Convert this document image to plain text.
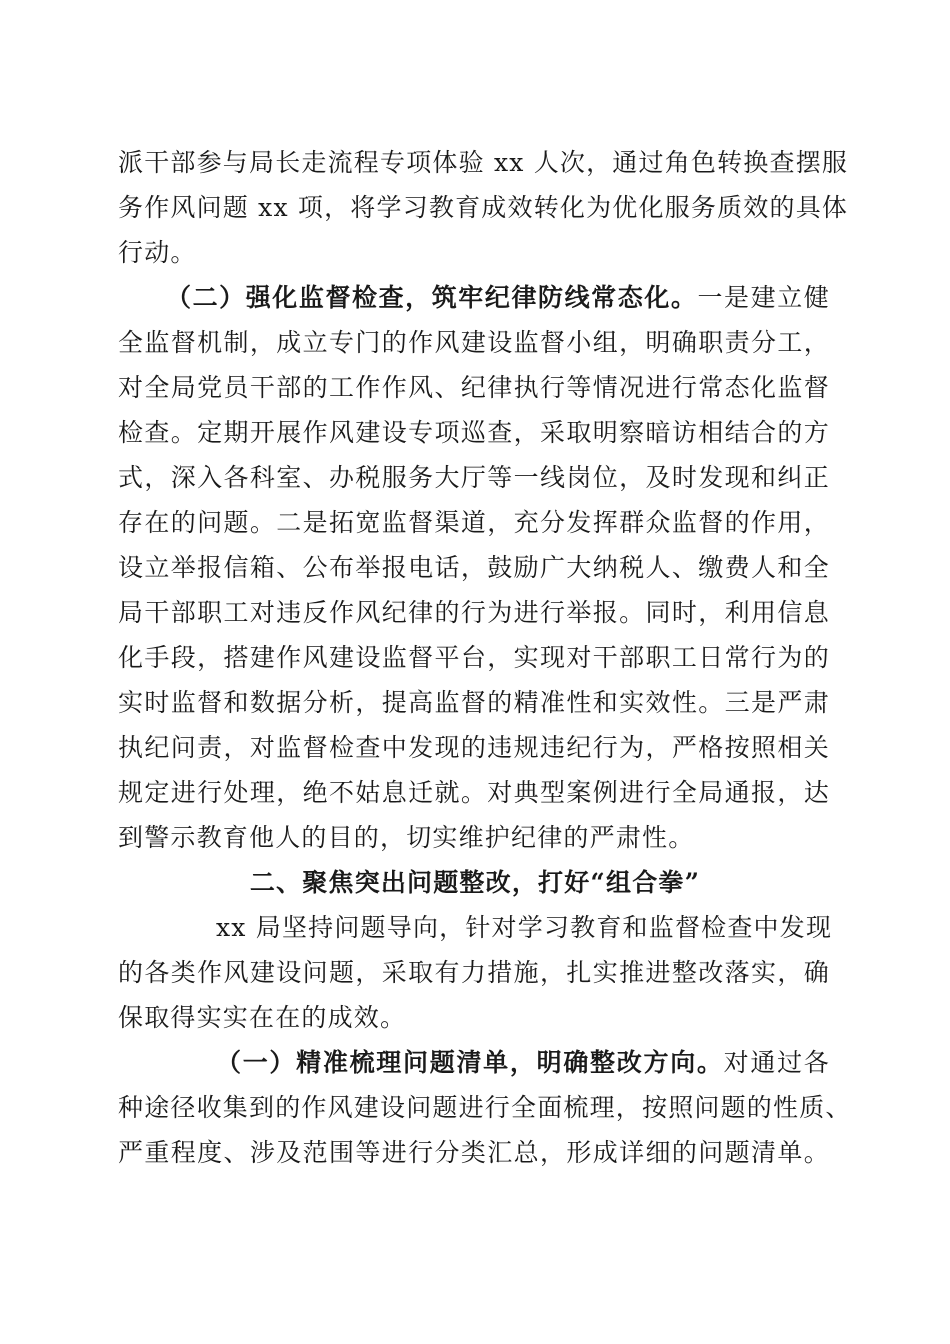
派干部参与局长走流程专项体验 xx 人次，通过角色转换查摆服
务作风问题 xx 项，将学习教育成效转化为优化服务质效的具体
行动。
（二）强化监督检查，筑牢纪律防线常态化。一是建立健
全监督机制，成立专门的作风建设监督小组，明确职责分工，
对全局党员干部的工作作风、纪律执行等情况进行常态化监督
检查。定期开展作风建设专项巡查，采取明察暗访相结合的方
式，深入各科室、办税服务大厅等一线岗位，及时发现和纠正
存在的问题。二是拓宽监督渠道，充分发挥群众监督的作用，
设立举报信箱、公布举报电话，鼓励广大纳税人、缴费人和全
局干部职工对违反作风纪律的行为进行举报。同时，利用信息
化手段，搭建作风建设监督平台，实现对干部职工日常行为的
实时监督和数据分析，提高监督的精准性和实效性。三是严肃
执纪问责，对监督检查中发现的违规违纪行为，严格按照相关
规定进行处理，绝不姑息迁就。对典型案例进行全局通报，达
到警示教育他人的目的，切实维护纪律的严肃性。
二、聚焦突出问题整改，打好“组合拳”
xx 局坚持问题导向，针对学习教育和监督检查中发现
的各类作风建设问题，采取有力措施，扎实推进整改落实，确
保取得实实在在的成效。
（一）精准梳理问题清单，明确整改方向。对通过各
种途径收集到的作风建设问题进行全面梳理，按照问题的性质、
严重程度、涉及范围等进行分类汇总，形成详细的问题清单。
